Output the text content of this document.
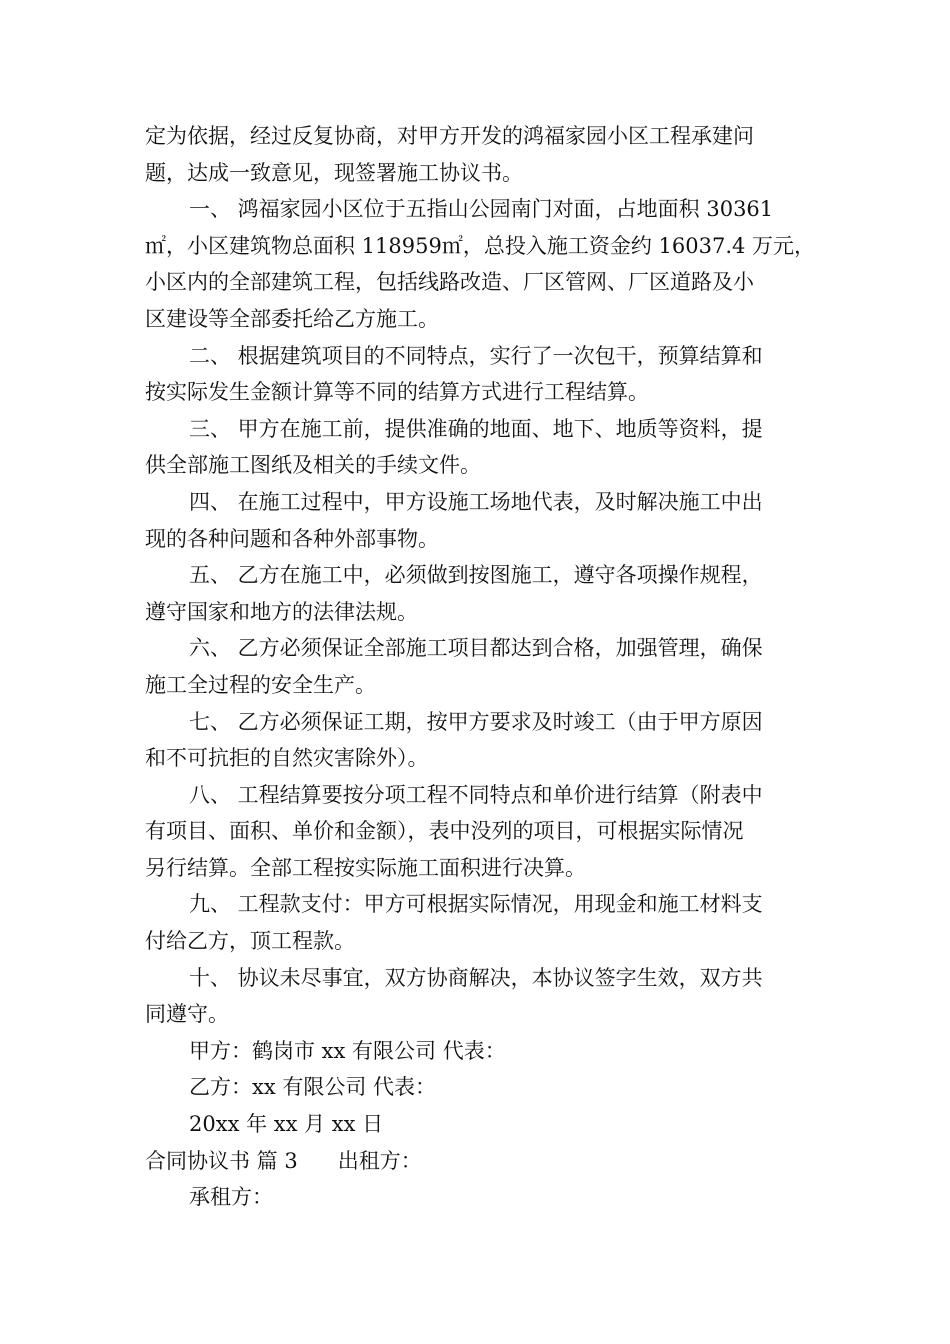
定为依据，经过反复协商，对甲方开发的鸿福家园小区工程承建问

题，达成一致意见，现签署施工协议书。

一、 鸿福家园小区位于五指山公园南门对面，占地面积 30361

㎡，小区建筑物总面积 118959㎡，总投入施工资金约 16037.4 万元，

小区内的全部建筑工程，包括线路改造、厂区管网、厂区道路及小

区建设等全部委托给乙方施工。

二、 根据建筑项目的不同特点，实行了一次包干，预算结算和

按实际发生金额计算等不同的结算方式进行工程结算。

三、 甲方在施工前，提供准确的地面、地下、地质等资料，提

供全部施工图纸及相关的手续文件。

四、 在施工过程中，甲方设施工场地代表，及时解决施工中出

现的各种问题和各种外部事物。

五、 乙方在施工中，必须做到按图施工，遵守各项操作规程，

遵守国家和地方的法律法规。

六、 乙方必须保证全部施工项目都达到合格，加强管理，确保

施工全过程的安全生产。

七、 乙方必须保证工期，按甲方要求及时竣工（由于甲方原因

和不可抗拒的自然灾害除外）。

八、 工程结算要按分项工程不同特点和单价进行结算（附表中

有项目、面积、单价和金额），表中没列的项目，可根据实际情况

另行结算。全部工程按实际施工面积进行决算。

九、 工程款支付：甲方可根据实际情况，用现金和施工材料支

付给乙方，顶工程款。

十、 协议未尽事宜，双方协商解决，本协议签字生效，双方共

同遵守。

甲方：鹤岗市 xx 有限公司 代表：

乙方：xx 有限公司 代表：

20xx 年 xx 月 xx 日

合同协议书 篇 3 出租方：

承租方：
